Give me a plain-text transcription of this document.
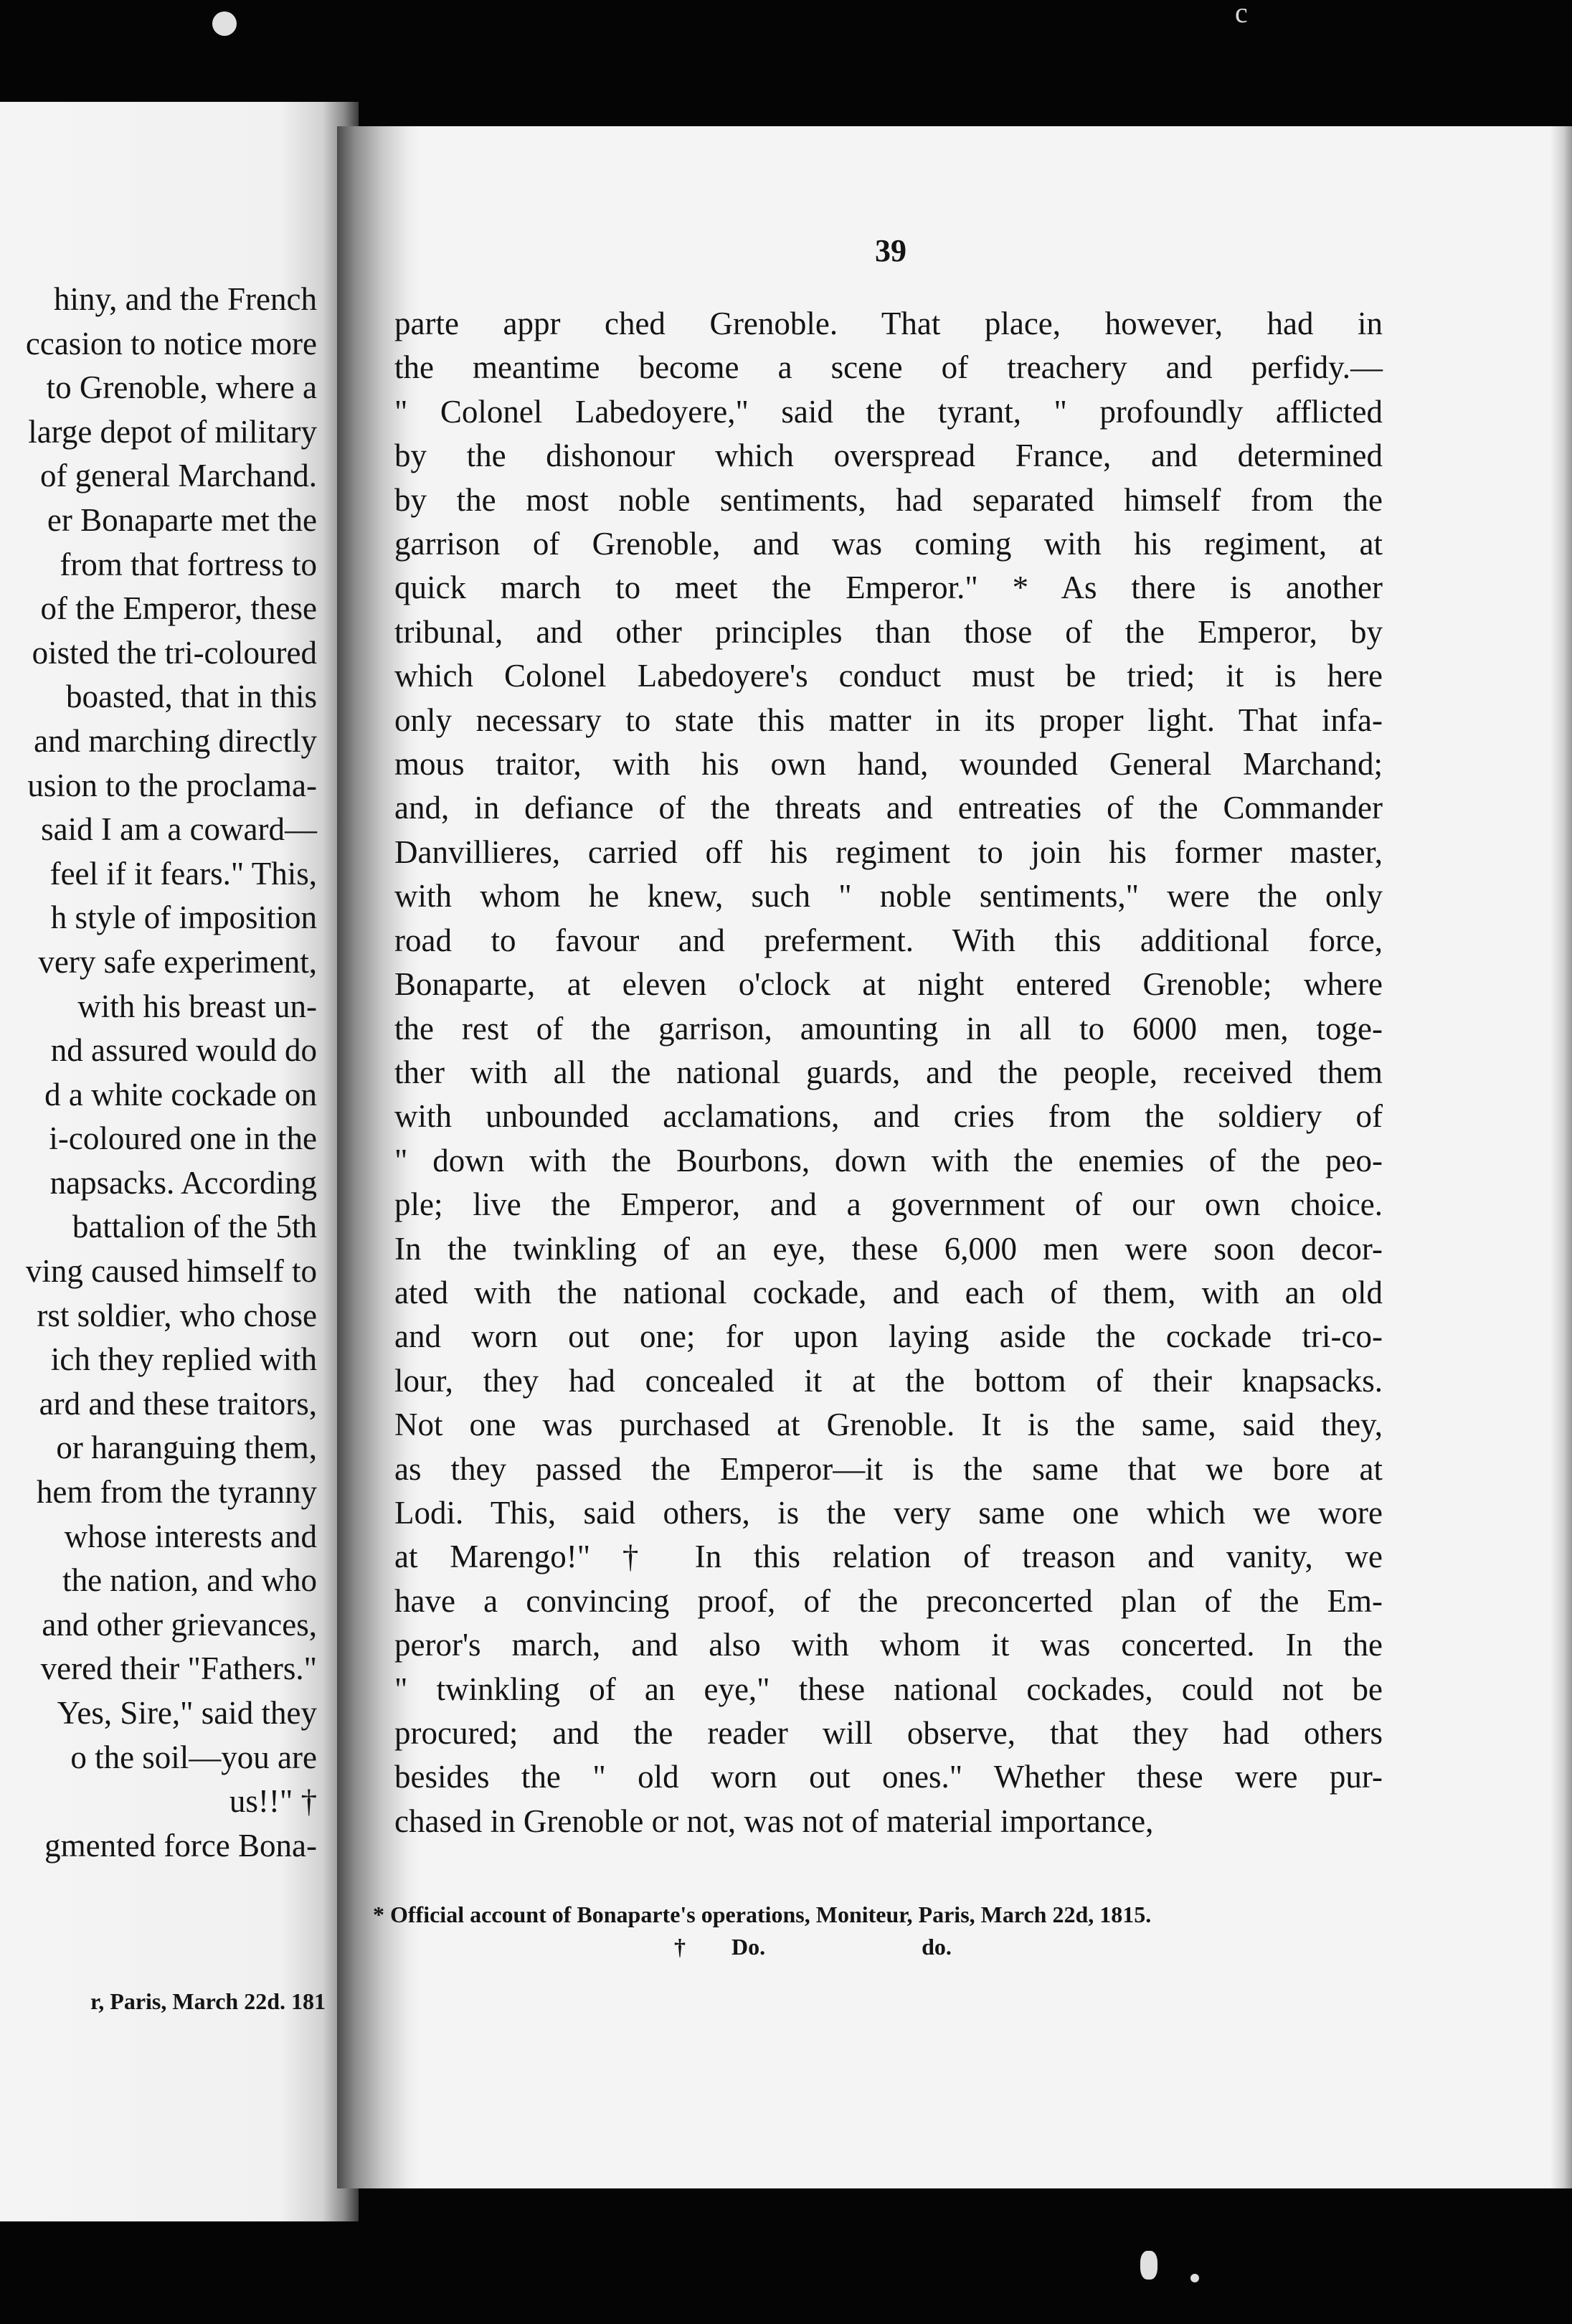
hiny, and the French
ccasion to notice more
to Grenoble, where a
large depot of military
of general Marchand.
er Bonaparte met the
from that fortress to
of the Emperor, these
oisted the tri-coloured
boasted, that in this
and marching directly
usion to the proclama-
said I am a coward—
feel if it fears." This,
h style of imposition
very safe experiment,
with his breast un-
nd assured would do
d a white cockade on
i-coloured one in the
napsacks. According
battalion of the 5th
ving caused himself to
rst soldier, who chose
ich they replied with
ard and these traitors,
or haranguing them,
hem from the tyranny
whose interests and
the nation, and who
and other grievances,
vered their "Fathers."
Yes, Sire," said they
o the soil—you are
us!!" †
gmented force Bona-
r, Paris, March 22d. 181
39
parte appr ched Grenoble. That place, however, had in
the meantime become a scene of treachery and perfidy.—
" Colonel Labedoyere," said the tyrant, " profoundly afflicted
by the dishonour which overspread France, and determined
by the most noble sentiments, had separated himself from the
garrison of Grenoble, and was coming with his regiment, at
quick march to meet the Emperor." * As there is another
tribunal, and other principles than those of the Emperor, by
which Colonel Labedoyere's conduct must be tried; it is here
only necessary to state this matter in its proper light. That infa-
mous traitor, with his own hand, wounded General Marchand;
and, in defiance of the threats and entreaties of the Commander
Danvillieres, carried off his regiment to join his former master,
with whom he knew, such " noble sentiments," were the only
road to favour and preferment. With this additional force,
Bonaparte, at eleven o'clock at night entered Grenoble; where
the rest of the garrison, amounting in all to 6000 men, toge-
ther with all the national guards, and the people, received them
with unbounded acclamations, and cries from the soldiery of
" down with the Bourbons, down with the enemies of the peo-
ple; live the Emperor, and a government of our own choice.
In the twinkling of an eye, these 6,000 men were soon decor-
ated with the national cockade, and each of them, with an old
and worn out one; for upon laying aside the cockade tri-co-
lour, they had concealed it at the bottom of their knapsacks.
Not one was purchased at Grenoble. It is the same, said they,
as they passed the Emperor—it is the same that we bore at
Lodi. This, said others, is the very same one which we wore
at Marengo!" † In this relation of treason and vanity, we
have a convincing proof, of the preconcerted plan of the Em-
peror's march, and also with whom it was concerted. In the
" twinkling of an eye," these national cockades, could not be
procured; and the reader will observe, that they had others
besides the " old worn out ones." Whether these were pur-
chased in Grenoble or not, was not of material importance,
* Official account of Bonaparte's operations, Moniteur, Paris, March 22d, 1815.
† Do.	do.
c
